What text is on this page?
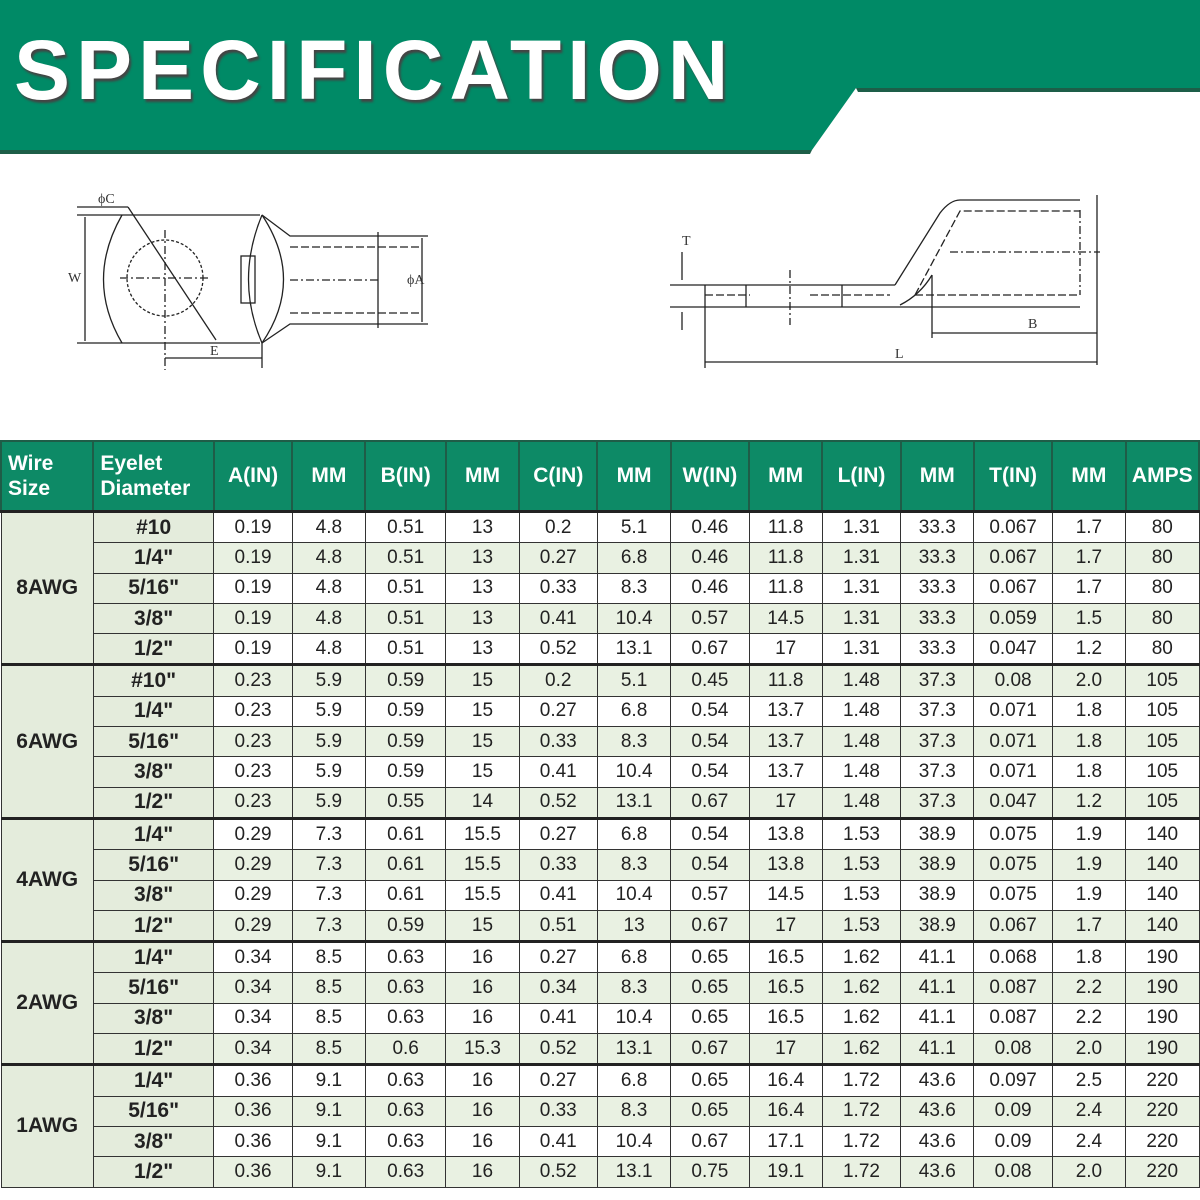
SPECIFICATION
ϕC
W
E
ϕA
T
B
L
Wire
Size	Eyelet
Diameter	A(IN)	MM	B(IN)	MM	C(IN)	MM	W(IN)	MM	L(IN)	MM	T(IN)	MM	AMPS
8AWG	#10	0.19	4.8	0.51	13	0.2	5.1	0.46	11.8	1.31	33.3	0.067	1.7	80
	1/4"	0.19	4.8	0.51	13	0.27	6.8	0.46	11.8	1.31	33.3	0.067	1.7	80
	5/16"	0.19	4.8	0.51	13	0.33	8.3	0.46	11.8	1.31	33.3	0.067	1.7	80
	3/8"	0.19	4.8	0.51	13	0.41	10.4	0.57	14.5	1.31	33.3	0.059	1.5	80
	1/2"	0.19	4.8	0.51	13	0.52	13.1	0.67	17	1.31	33.3	0.047	1.2	80
6AWG	#10"	0.23	5.9	0.59	15	0.2	5.1	0.45	11.8	1.48	37.3	0.08	2.0	105
	1/4"	0.23	5.9	0.59	15	0.27	6.8	0.54	13.7	1.48	37.3	0.071	1.8	105
	5/16"	0.23	5.9	0.59	15	0.33	8.3	0.54	13.7	1.48	37.3	0.071	1.8	105
	3/8"	0.23	5.9	0.59	15	0.41	10.4	0.54	13.7	1.48	37.3	0.071	1.8	105
	1/2"	0.23	5.9	0.55	14	0.52	13.1	0.67	17	1.48	37.3	0.047	1.2	105
4AWG	1/4"	0.29	7.3	0.61	15.5	0.27	6.8	0.54	13.8	1.53	38.9	0.075	1.9	140
	5/16"	0.29	7.3	0.61	15.5	0.33	8.3	0.54	13.8	1.53	38.9	0.075	1.9	140
	3/8"	0.29	7.3	0.61	15.5	0.41	10.4	0.57	14.5	1.53	38.9	0.075	1.9	140
	1/2"	0.29	7.3	0.59	15	0.51	13	0.67	17	1.53	38.9	0.067	1.7	140
2AWG	1/4"	0.34	8.5	0.63	16	0.27	6.8	0.65	16.5	1.62	41.1	0.068	1.8	190
	5/16"	0.34	8.5	0.63	16	0.34	8.3	0.65	16.5	1.62	41.1	0.087	2.2	190
	3/8"	0.34	8.5	0.63	16	0.41	10.4	0.65	16.5	1.62	41.1	0.087	2.2	190
	1/2"	0.34	8.5	0.6	15.3	0.52	13.1	0.67	17	1.62	41.1	0.08	2.0	190
1AWG	1/4"	0.36	9.1	0.63	16	0.27	6.8	0.65	16.4	1.72	43.6	0.097	2.5	220
	5/16"	0.36	9.1	0.63	16	0.33	8.3	0.65	16.4	1.72	43.6	0.09	2.4	220
	3/8"	0.36	9.1	0.63	16	0.41	10.4	0.67	17.1	1.72	43.6	0.09	2.4	220
	1/2"	0.36	9.1	0.63	16	0.52	13.1	0.75	19.1	1.72	43.6	0.08	2.0	220
